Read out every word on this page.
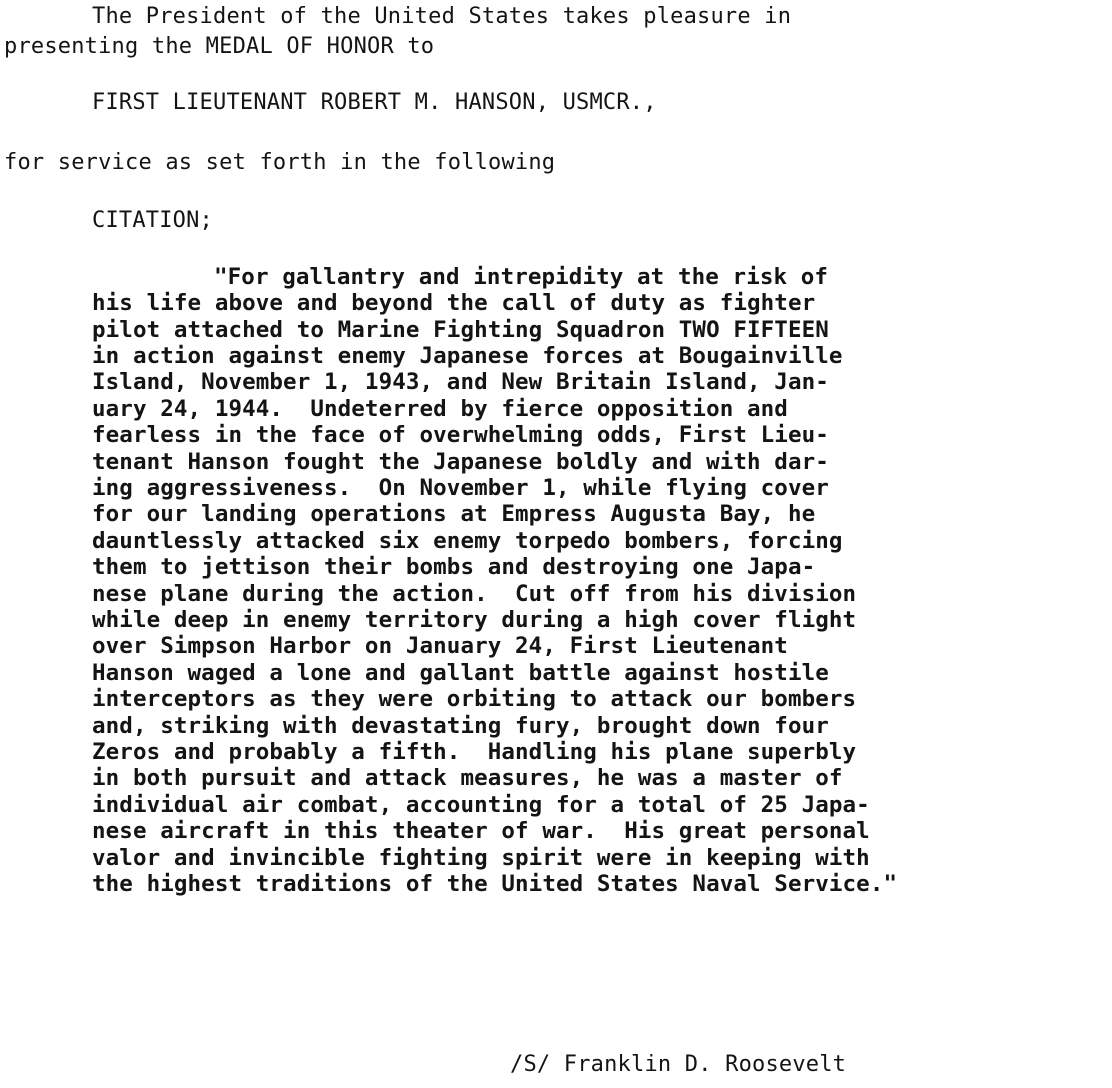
The President of the United States takes pleasure in
presenting the MEDAL OF HONOR to
FIRST LIEUTENANT ROBERT M. HANSON, USMCR.,
for service as set forth in the following
CITATION;
"For gallantry and intrepidity at the risk of
his life above and beyond the call of duty as fighter
pilot attached to Marine Fighting Squadron TWO FIFTEEN
in action against enemy Japanese forces at Bougainville
Island, November 1, 1943, and New Britain Island, Jan-
uary 24, 1944.  Undeterred by fierce opposition and
fearless in the face of overwhelming odds, First Lieu-
tenant Hanson fought the Japanese boldly and with dar-
ing aggressiveness.  On November 1, while flying cover
for our landing operations at Empress Augusta Bay, he
dauntlessly attacked six enemy torpedo bombers, forcing
them to jettison their bombs and destroying one Japa-
nese plane during the action.  Cut off from his division
while deep in enemy territory during a high cover flight
over Simpson Harbor on January 24, First Lieutenant
Hanson waged a lone and gallant battle against hostile
interceptors as they were orbiting to attack our bombers
and, striking with devastating fury, brought down four
Zeros and probably a fifth.  Handling his plane superbly
in both pursuit and attack measures, he was a master of
individual air combat, accounting for a total of 25 Japa-
nese aircraft in this theater of war.  His great personal
valor and invincible fighting spirit were in keeping with
the highest traditions of the United States Naval Service."
/S/ Franklin D. Roosevelt
